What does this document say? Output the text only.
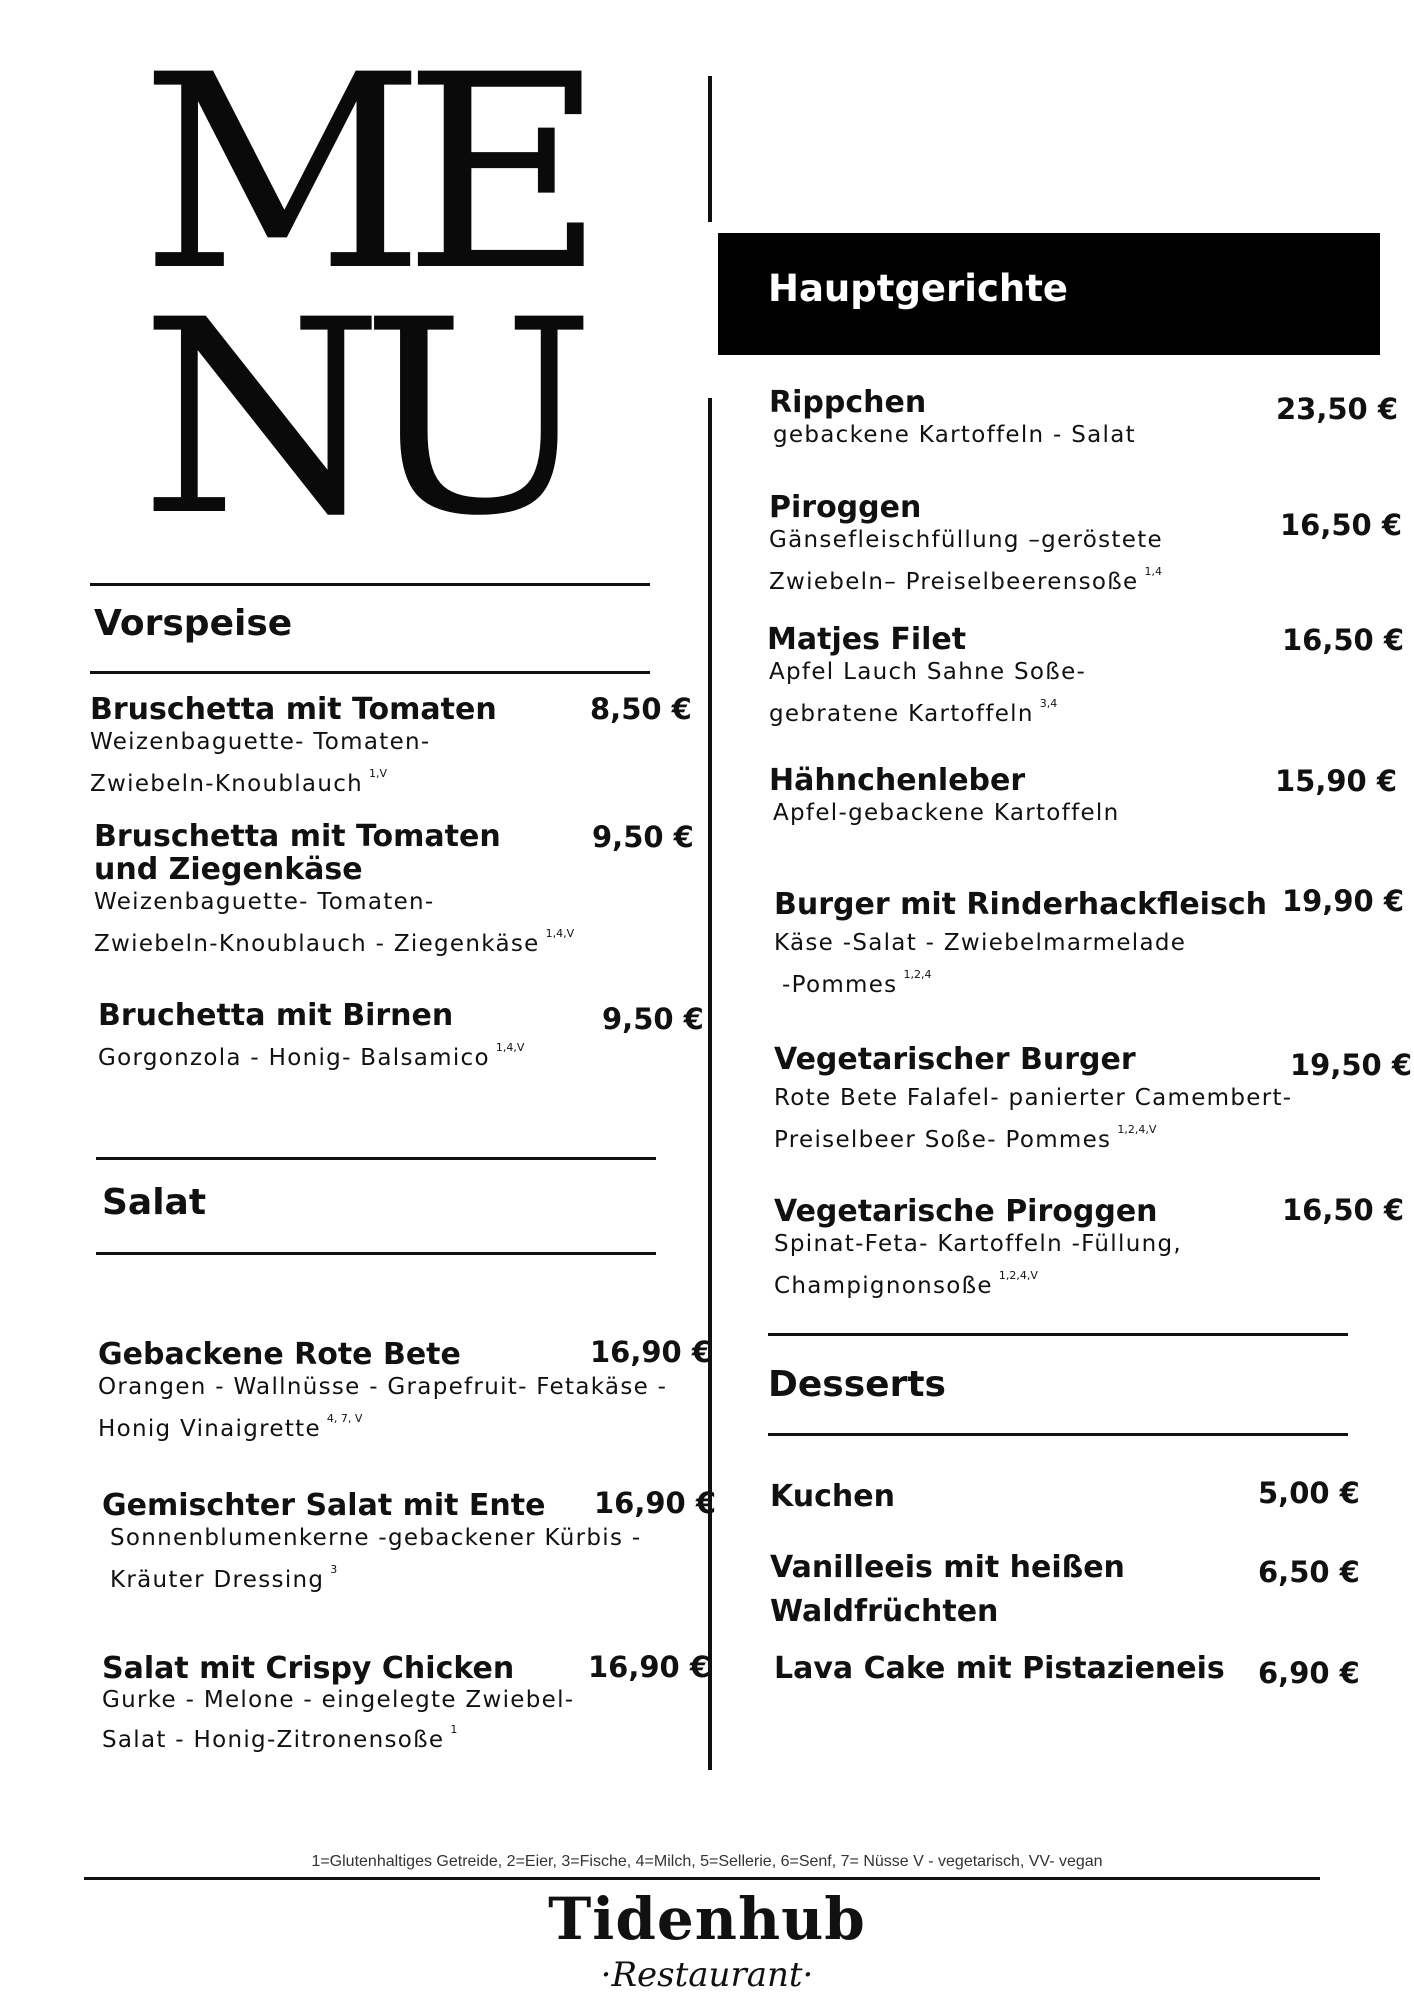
ME
NU
Vorspeise
Bruschetta mit Tomaten
Weizenbaguette- Tomaten-
Zwiebeln-Knoublauch $^{1,V}$
8,50 €
Bruschetta mit Tomaten
und Ziegenkäse
Weizenbaguette- Tomaten-
Zwiebeln-Knoublauch - Ziegenkäse $^{1,4,V}$
9,50 €
Bruchetta mit Birnen
Gorgonzola - Honig- Balsamico $^{1,4,V}$
9,50 €
Salat
Gebackene Rote Bete
Orangen - Wallnüsse - Grapefruit- Fetakäse -
Honig Vinaigrette $^{4, 7, V}$
16,90 €
Gemischter Salat mit Ente
Sonnenblumenkerne -gebackener Kürbis -
Kräuter Dressing $^3$
16,90 €
Salat mit Crispy Chicken
Gurke - Melone - eingelegte Zwiebel-
Salat - Honig-Zitronensoße $^1$
16,90 €
Hauptgerichte
Rippchen
gebackene Kartoffeln - Salat
23,50 €
Piroggen
Gänsefleischfüllung –geröstete
Zwiebeln– Preiselbeerensoße $^{1,4}$
16,50 €
Matjes Filet
Apfel Lauch Sahne Soße-
gebratene Kartoffeln $^{3,4}$
16,50 €
Hähnchenleber
Apfel-gebackene Kartoffeln
15,90 €
Burger mit Rinderhackfleisch
Käse -Salat - Zwiebelmarmelade
-Pommes $^{1,2,4}$
19,90 €
Vegetarischer Burger
Rote Bete Falafel- panierter Camembert-
Preiselbeer Soße- Pommes $^{1,2,4,V}$
19,50 €
Vegetarische Piroggen
Spinat-Feta- Kartoffeln -Füllung,
Champignonsoße $^{1,2,4,V}$
16,50 €
Desserts
Kuchen	5,00 €
Vanilleeis mit heißen
Waldfrüchten
6,50 €
Lava Cake mit Pistazieneis 6,90 €
1=Glutenhaltiges Getreide, 2=Eier, 3=Fische, 4=Milch, 5=Sellerie, 6=Senf, 7= Nüsse V - vegetarisch, VV- vegan
Tidenhub
·Restaurant·
